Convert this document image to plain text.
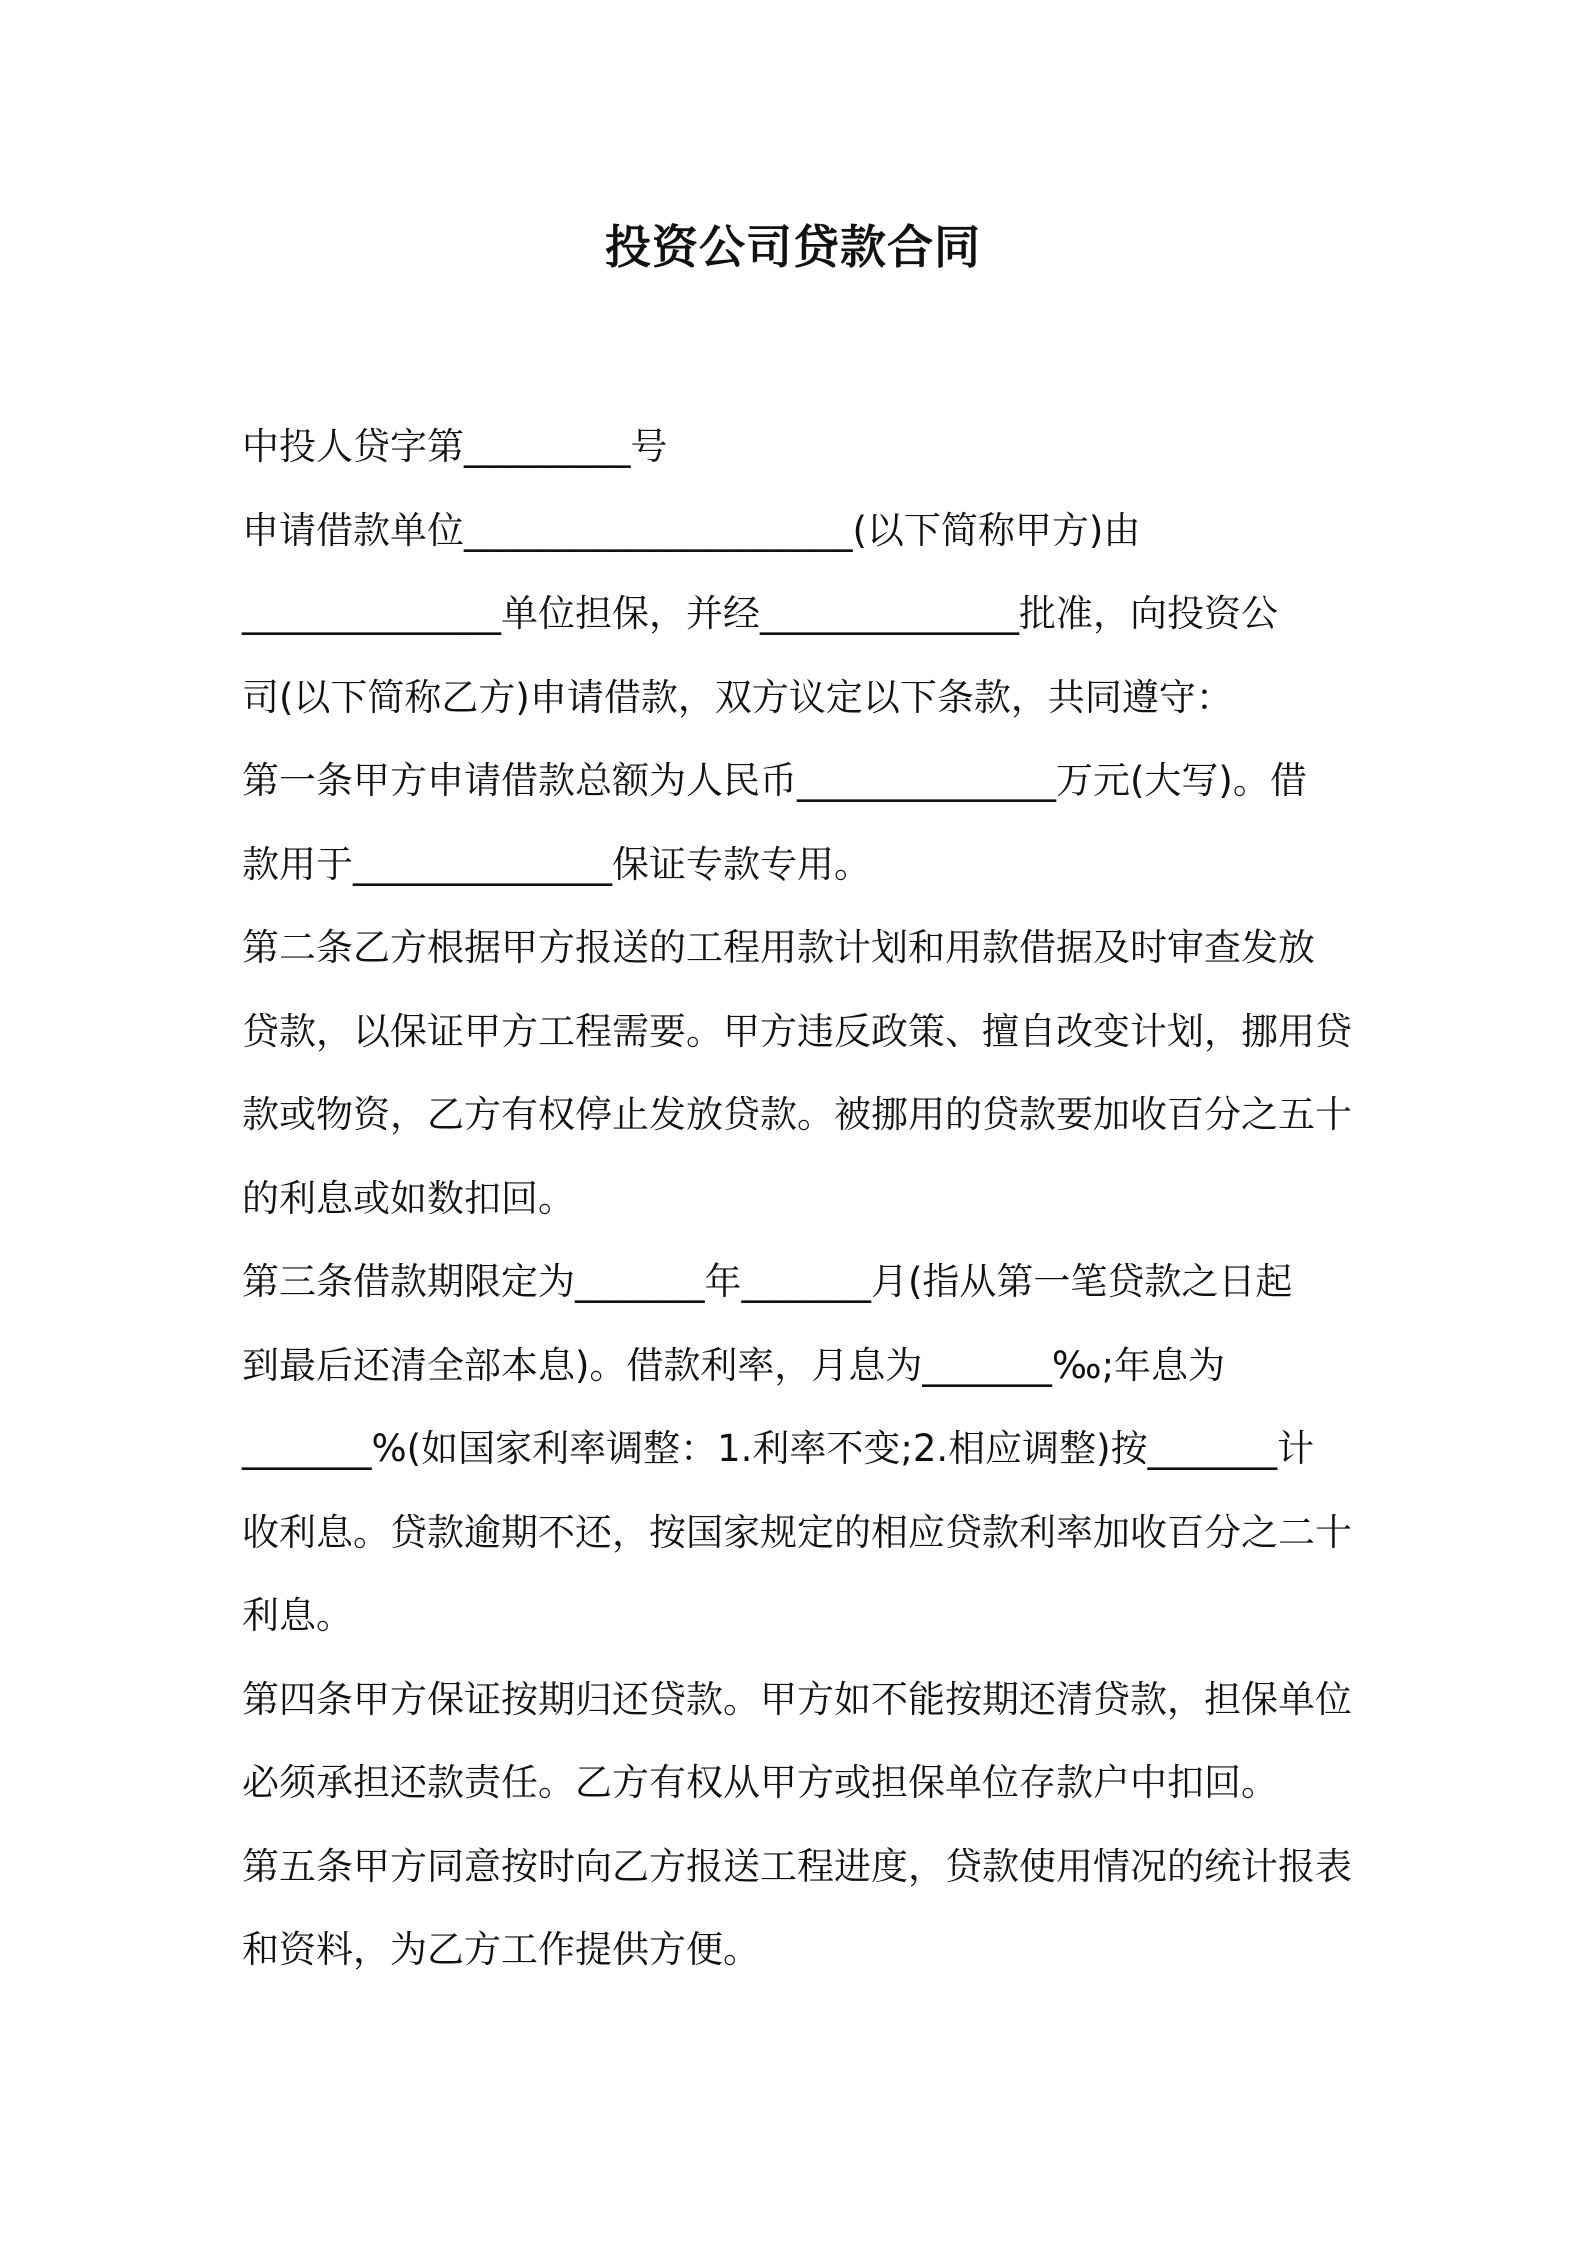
投资公司贷款合同
中投人贷字第_________号
申请借款单位_____________________(以下简称甲方)由
______________单位担保，并经______________批准，向投资公
司(以下简称乙方)申请借款，双方议定以下条款，共同遵守：
第一条甲方申请借款总额为人民币______________万元(大写)。借
款用于______________保证专款专用。
第二条乙方根据甲方报送的工程用款计划和用款借据及时审查发放
贷款，以保证甲方工程需要。甲方违反政策、擅自改变计划，挪用贷
款或物资，乙方有权停止发放贷款。被挪用的贷款要加收百分之五十
的利息或如数扣回。
第三条借款期限定为_______年_______月(指从第一笔贷款之日起
到最后还清全部本息)。借款利率，月息为_______‰;年息为
_______%(如国家利率调整：1.利率不变;2.相应调整)按_______计
收利息。贷款逾期不还，按国家规定的相应贷款利率加收百分之二十
利息。
第四条甲方保证按期归还贷款。甲方如不能按期还清贷款，担保单位
必须承担还款责任。乙方有权从甲方或担保单位存款户中扣回。
第五条甲方同意按时向乙方报送工程进度，贷款使用情况的统计报表
和资料，为乙方工作提供方便。
